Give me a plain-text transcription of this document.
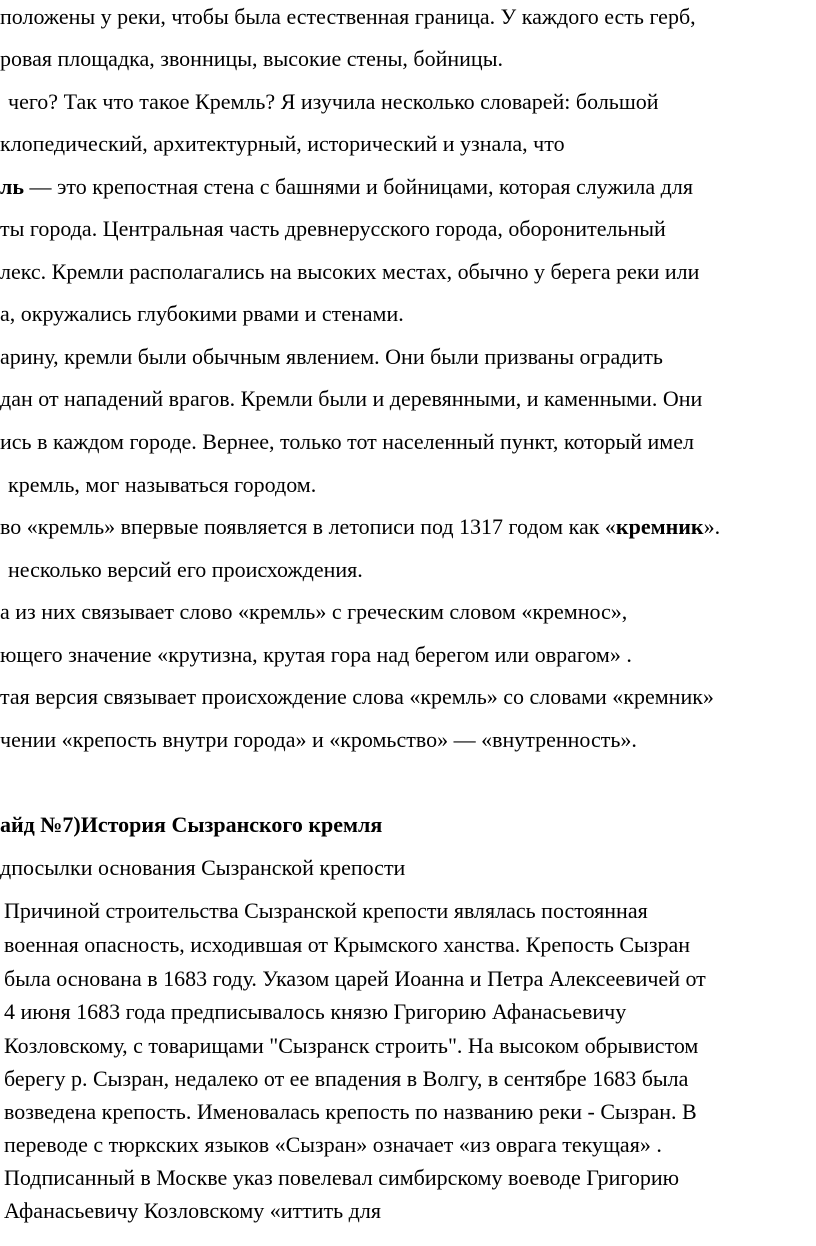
положены у реки, чтобы была естественная граница. У каждого есть герб,

ровая площадка, звонницы, высокие стены, бойницы.

чего? Так что такое Кремль? Я изучила несколько словарей: большой

клопедический, архитектурный, исторический и узнала, что

ль — это крепостная стена с башнями и бойницами, которая служила для

ты города. Центральная часть древнерусского города, оборонительный

лекс. Кремли располагались на высоких местах, обычно у берега реки или

а, окружались глубокими рвами и стенами.

арину, кремли были обычным явлением. Они были призваны оградить

дан от нападений врагов. Кремли были и деревянными, и каменными. Они

ись в каждом городе. Вернее, только тот населенный пункт, который имел

кремль, мог называться городом.

во «кремль» впервые появляется в летописи под 1317 годом как «кремник».

несколько версий его происхождения.

а из них связывает слово «кремль» с греческим словом «кремнос»,

ющего значение «крутизна, крутая гора над берегом или оврагом» .

тая версия связывает происхождение слова «кремль» со словами «кремник»

чении «крепость внутри города» и «кромьство» — «внутренность».

айд №7)История Сызранского кремля

дпосылки основания Сызранской крепости

Причиной строительства Сызранской крепости являлась постоянная

военная опасность, исходившая от Крымского ханства. Крепость Сызран

была основана в 1683 году. Указом царей Иоанна и Петра Алексеевичей от

4 июня 1683 года предписывалось князю Григорию Афанасьевичу

Козловскому, с товарищами "Сызранск строить". На высоком обрывистом

берегу р. Сызран, недалеко от ее впадения в Волгу, в сентябре 1683 была

возведена крепость. Именовалась крепость по названию реки - Сызран. В

переводе с тюркских языков «Сызран» означает «из оврага текущая» .

Подписанный в Москве указ повелевал симбирскому воеводе Григорию

Афанасьевичу Козловскому «иттить для
